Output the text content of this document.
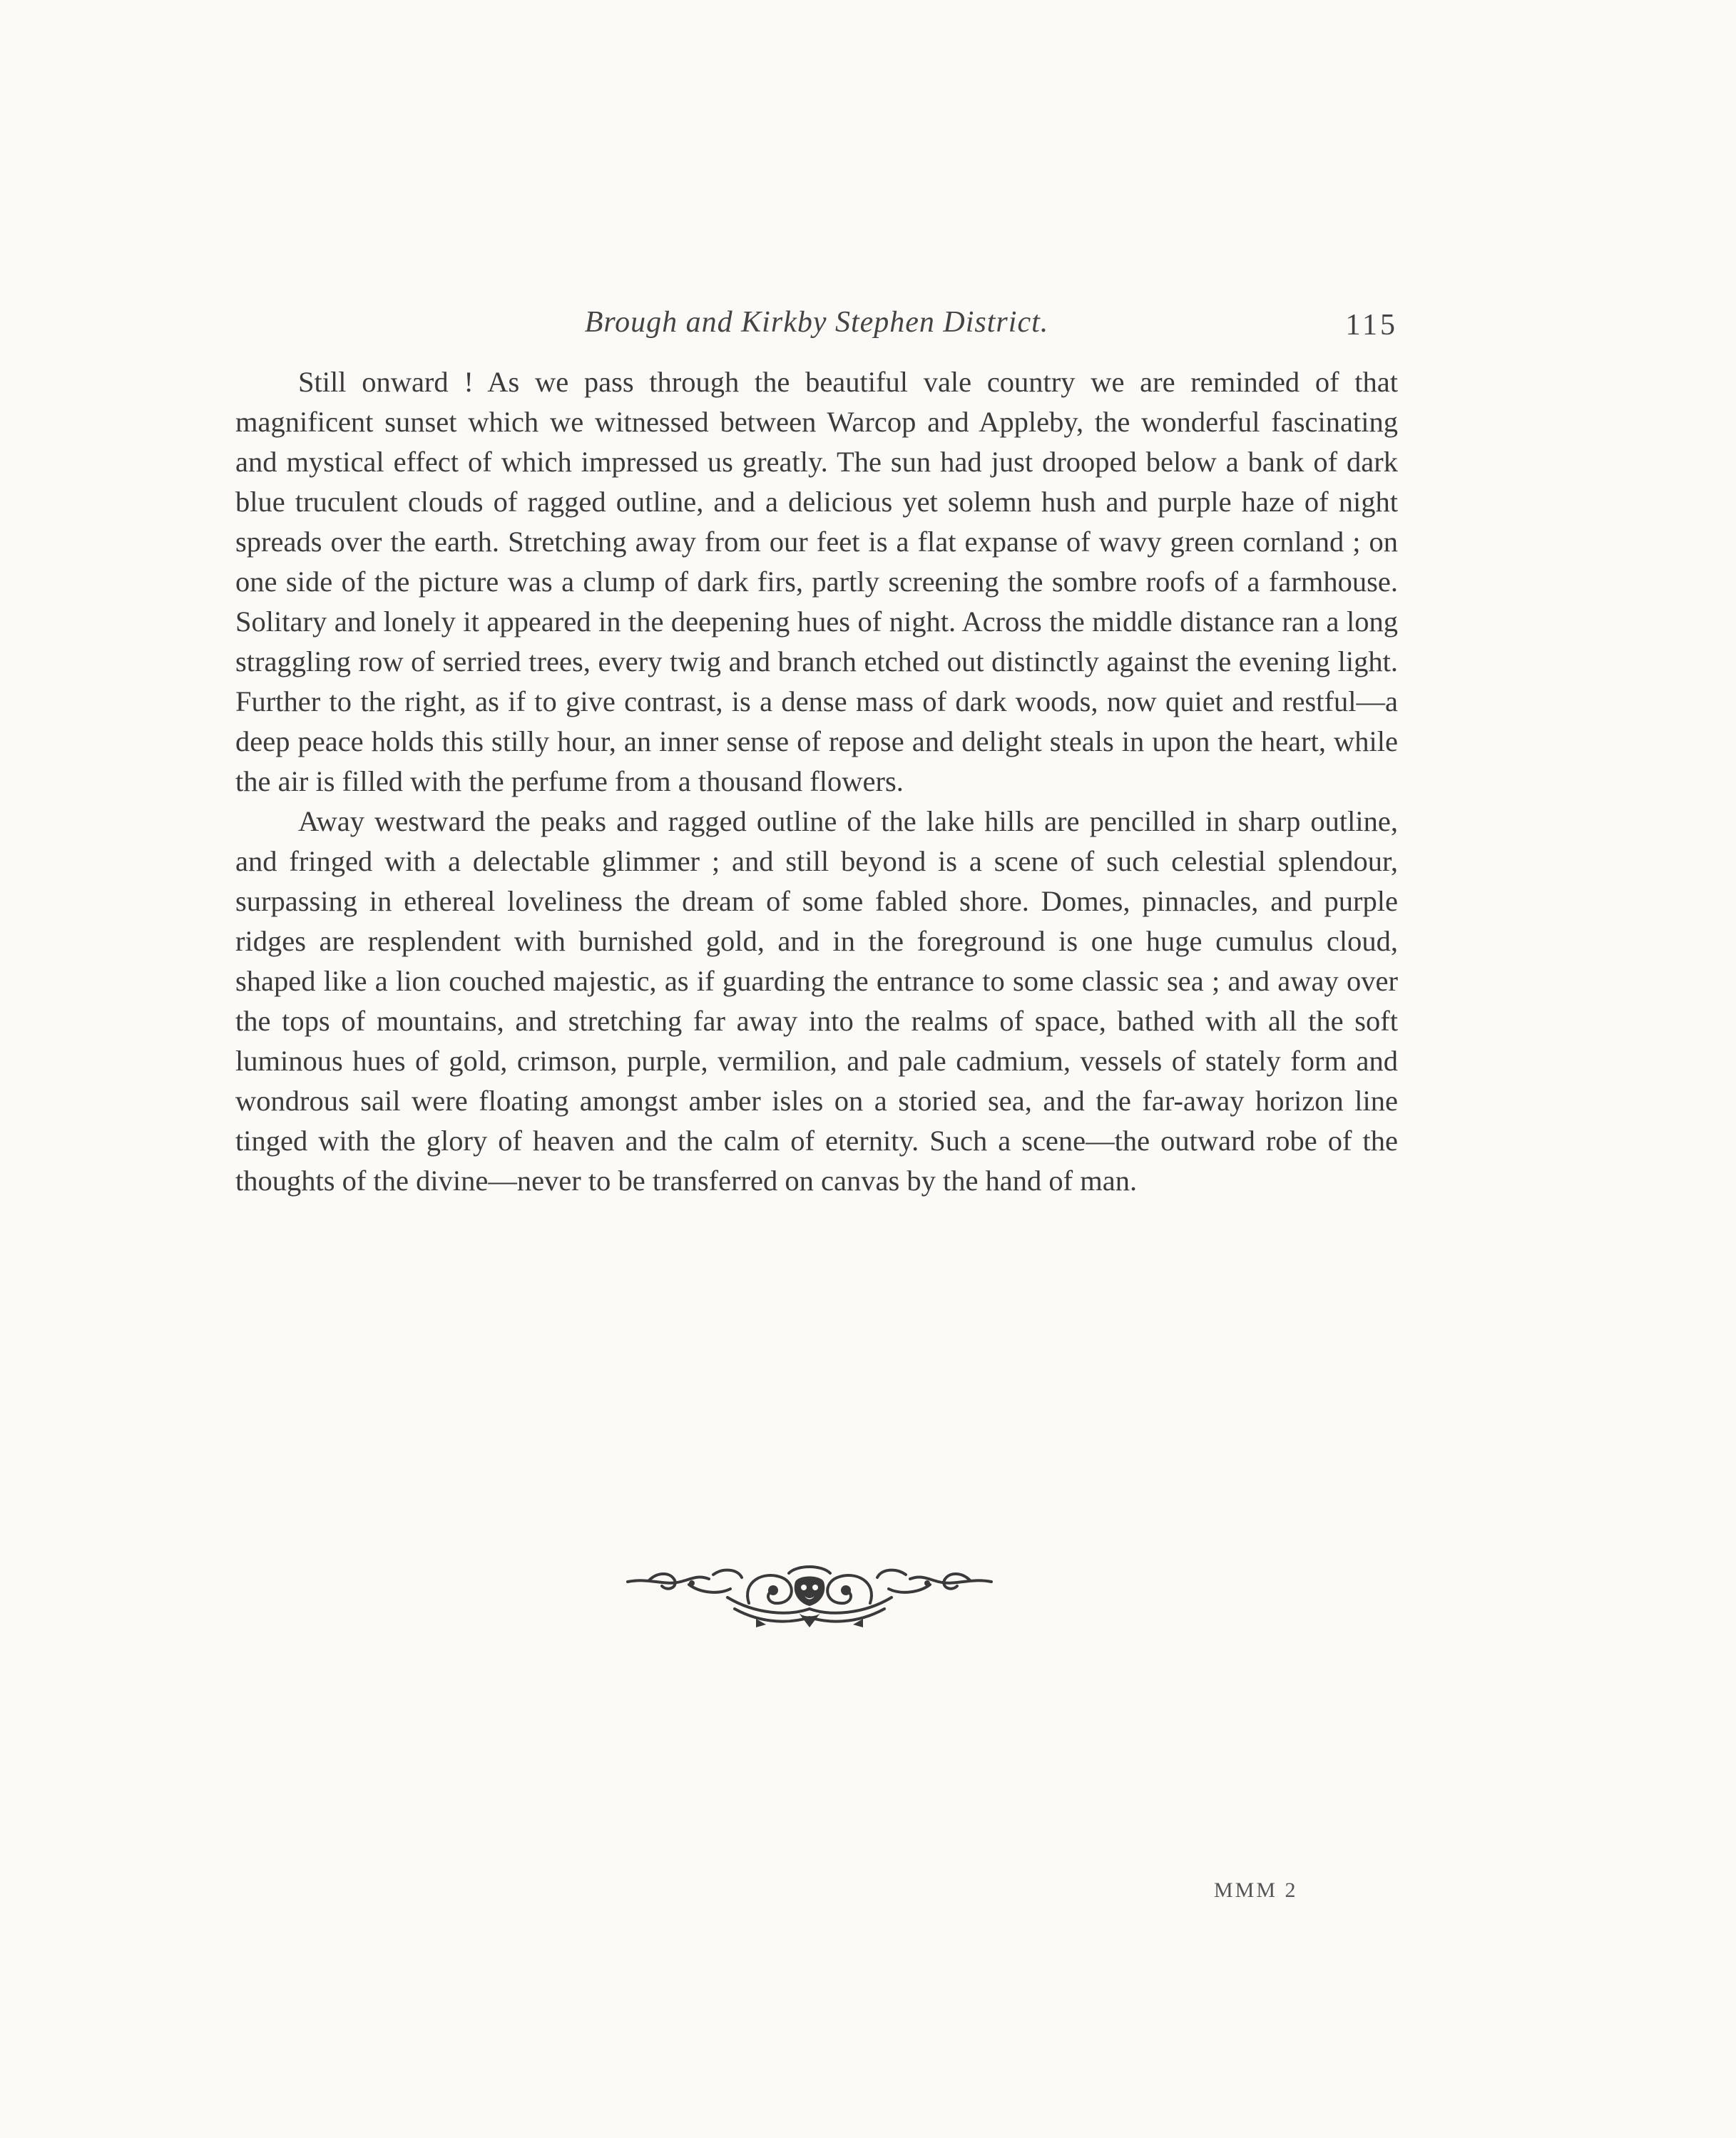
Brough and Kirkby Stephen District.	115

Still onward ! As we pass through the beautiful vale country we are reminded of that magnificent sunset which we witnessed between Warcop and Appleby, the wonderful fascinating and mystical effect of which impressed us greatly. The sun had just drooped below a bank of dark blue truculent clouds of ragged outline, and a delicious yet solemn hush and purple haze of night spreads over the earth. Stretching away from our feet is a flat expanse of wavy green cornland ; on one side of the picture was a clump of dark firs, partly screening the sombre roofs of a farmhouse. Solitary and lonely it appeared in the deepening hues of night. Across the middle distance ran a long straggling row of serried trees, every twig and branch etched out distinctly against the evening light. Further to the right, as if to give contrast, is a dense mass of dark woods, now quiet and restful—a deep peace holds this stilly hour, an inner sense of repose and delight steals in upon the heart, while the air is filled with the perfume from a thousand flowers.

Away westward the peaks and ragged outline of the lake hills are pencilled in sharp outline, and fringed with a delectable glimmer ; and still beyond is a scene of such celestial splendour, surpassing in ethereal loveliness the dream of some fabled shore. Domes, pinnacles, and purple ridges are resplendent with burnished gold, and in the foreground is one huge cumulus cloud, shaped like a lion couched majestic, as if guarding the entrance to some classic sea ; and away over the tops of mountains, and stretching far away into the realms of space, bathed with all the soft luminous hues of gold, crimson, purple, vermilion, and pale cadmium, vessels of stately form and wondrous sail were floating amongst amber isles on a storied sea, and the far-away horizon line tinged with the glory of heaven and the calm of eternity. Such a scene—the outward robe of the thoughts of the divine—never to be transferred on canvas by the hand of man.

MMM 2
